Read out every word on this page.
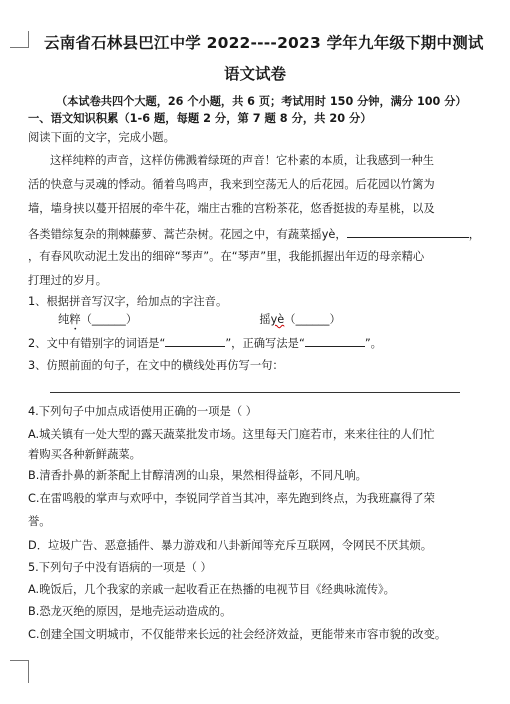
云南省石林县巴江中学 2022----2023 学年九年级下期中测试
语文试卷
（本试卷共四个大题，26 个小题，共 6 页；考试用时 150 分钟，满分 100 分）
一、语文知识积累（1-6 题，每题 2 分，第 7 题 8 分，共 20 分）
阅读下面的文字，完成小题。
这样纯粹的声音，这样仿佛溅着绿斑的声音！它朴素的本质，让我感到一种生
活的快意与灵魂的悸动。循着鸟鸣声，我来到空荡无人的后花园。后花园以竹篱为
墙，墙身挟以蔓开招展的牵牛花，端庄古雅的宫粉茶花，悠香挺拔的寿星桃，以及
各类错综复杂的荆棘藤萝、蒿芒杂树。花园之中，有蔬菜摇yè，	，
，有春风吹动泥土发出的细碎“琴声”。在“琴声”里，我能抓握出年迈的母亲精心
打理过的岁月。
1、根据拼音写汉字，给加点的字注音。
纯粹（______）	摇yè（______）
2、文中有错别字的词语是“	”，正确写法是“	”。
3、仿照前面的句子，在文中的横线处再仿写一句：
4.下列句子中加点成语使用正确的一项是（ ）
A.城关镇有一处大型的露天蔬菜批发市场。这里每天门庭若市，来来往往的人们忙
着购买各种新鲜蔬菜。
B.清香扑鼻的新茶配上甘醇清冽的山泉，果然相得益彰，不同凡响。
C.在雷鸣般的掌声与欢呼中，李锐同学首当其冲，率先跑到终点，为我班赢得了荣
誉。
D．垃圾广告、恶意插件、暴力游戏和八卦新闻等充斥互联网，令网民不厌其烦。
5.下列句子中没有语病的一项是（ ）
A.晚饭后，几个我家的亲戚一起收看正在热播的电视节目《经典咏流传》。
B.恐龙灭绝的原因，是地壳运动造成的。
C.创建全国文明城市，不仅能带来长远的社会经济效益，更能带来市容市貌的改变。
